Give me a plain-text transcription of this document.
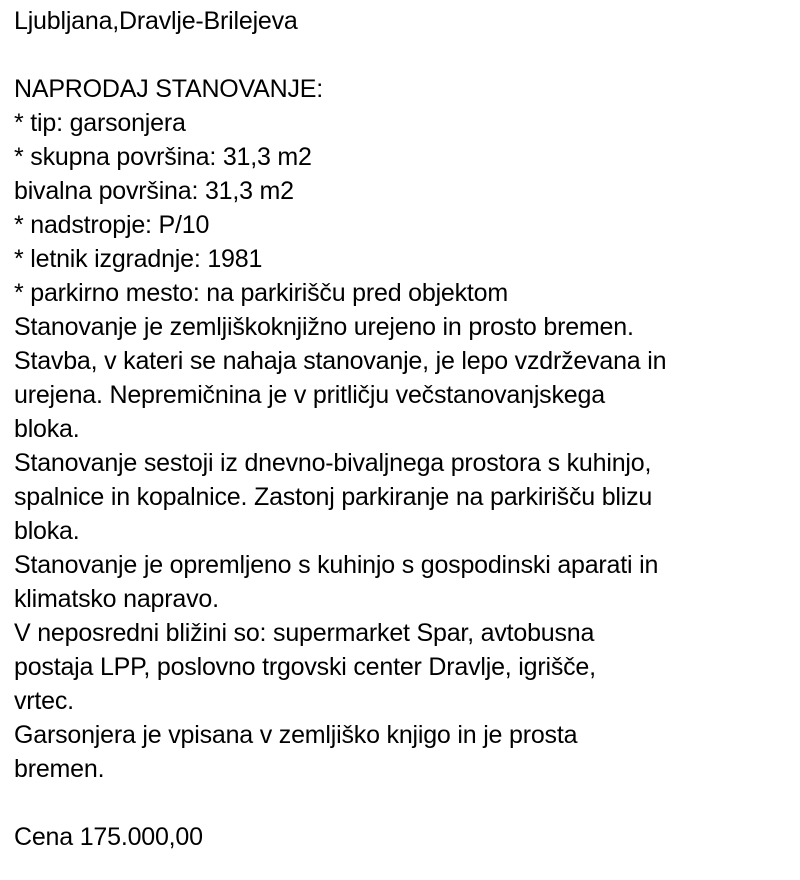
Ljubljana,Dravlje-Brilejeva
NAPRODAJ STANOVANJE:
* tip: garsonjera
* skupna površina: 31,3 m2
bivalna površina: 31,3 m2
* nadstropje: P/10
* letnik izgradnje: 1981
* parkirno mesto: na parkirišču pred objektom
Stanovanje je zemljiškoknjižno urejeno in prosto bremen.
Stavba, v kateri se nahaja stanovanje, je lepo vzdrževana in
urejena. Nepremičnina je v pritličju večstanovanjskega
bloka.
Stanovanje sestoji iz dnevno-bivaljnega prostora s kuhinjo,
spalnice in kopalnice. Zastonj parkiranje na parkirišču blizu
bloka.
Stanovanje je opremljeno s kuhinjo s gospodinski aparati in
klimatsko napravo.
V neposredni bližini so: supermarket Spar, avtobusna
postaja LPP, poslovno trgovski center Dravlje, igrišče,
vrtec.
Garsonjera je vpisana v zemljiško knjigo in je prosta
bremen.
Cena 175.000,00
